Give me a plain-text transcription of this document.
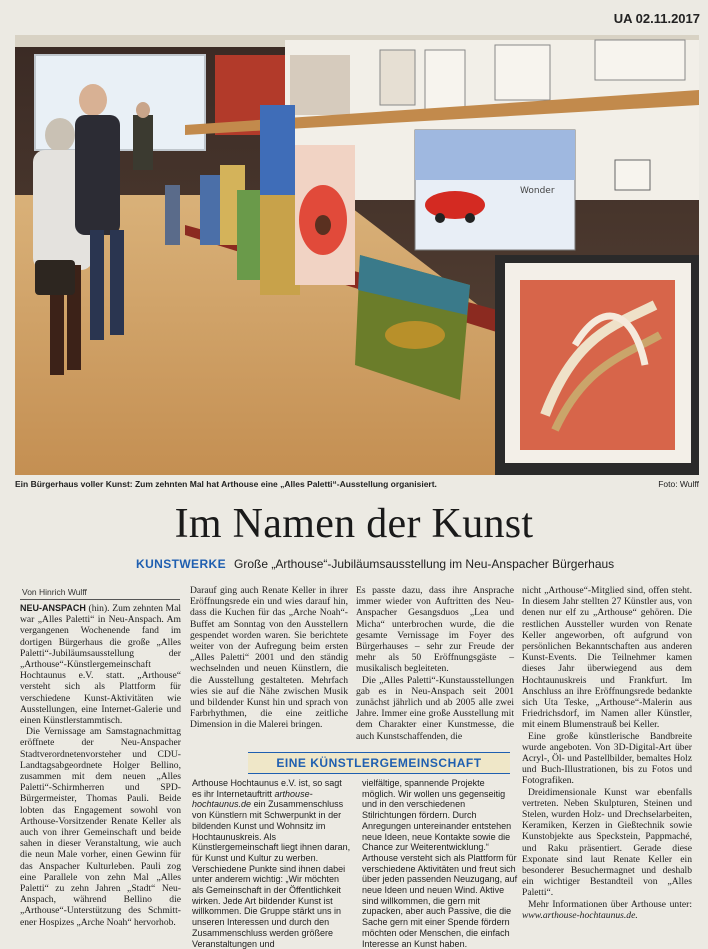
UA 02.11.2017
Wonder
Ein Bürgerhaus voller Kunst: Zum zehnten Mal hat Arthouse eine „Alles Paletti“-Ausstellung organisiert.	Foto: Wulff
Im Namen der Kunst
KUNSTWERKE Große „Arthouse“-Jubiläumsausstellung im Neu-Anspacher Bürgerhaus
Von Hinrich Wulff

NEU-ANSPACH (hin). Zum zehnten Mal war „Alles Paletti“ in Neu-Anspach. Am vergangenen Wochenende fand im dortigen Bürgerhaus die große „Alles Paletti“-Jubiläumsausstellung der „Arthouse“-Künstlergemeinschaft Hochtaunus e.V. statt. „Arthouse“ versteht sich als Plattform für verschiedene Kunst-Aktivitäten wie Ausstellungen, eine Internet-Galerie und einen Künstlerstammtisch.

Die Vernissage am Samstagnachmittag eröffnete der Neu-Anspacher Stadtverordnetenvorsteher und CDU-Landtagsabgeordnete Holger Bellino, zusammen mit dem neuen „Alles Paletti“-Schirmherren und SPD-Bürgermeister, Thomas Pauli. Beide lobten das Engagement sowohl von Arthouse-Vorsitzender Renate Keller als auch von ihrer Gemeinschaft und beide sahen in dieser Veranstaltung, wie auch die neun Male vorher, einen Gewinn für das Anspacher Kulturleben. Pauli zog eine Parallele von zehn Mal „Alles Paletti“ zu zehn Jahren „Stadt“ Neu-Anspach, während Bellino die „Arthouse“-Unterstützung des Schmittener Hospizes „Arche Noah“ hervorhob.

Darauf ging auch Renate Keller in ihrer Eröffnungsrede ein und wies darauf hin, dass die Kuchen für das „Arche Noah“-Buffet am Sonntag von den Ausstellern gespendet worden waren. Sie berichtete weiter von der Aufregung beim ersten „Alles Paletti“ 2001 und den ständig wechselnden und neuen Künstlern, die die Ausstellung gestalteten. Mehrfach wies sie auf die Nähe zwischen Musik und bildender Kunst hin und sprach von Farbrhythmen, die eine zeitliche Dimension in die Malerei bringen.

Es passte dazu, dass ihre Ansprache immer wieder von Auftritten des Neu-Anspacher Gesangsduos „Lea und Micha“ unterbrochen wurde, die die gesamte Vernissage im Foyer des Bürgerhauses – sehr zur Freude der mehr als 50 Eröffnungsgäste – musikalisch begleiteten.

Die „Alles Paletti“-Kunstausstellungen gab es in Neu-Anspach seit 2001 zunächst jährlich und ab 2005 alle zwei Jahre. Immer eine große Ausstellung mit dem Charakter einer Kunstmesse, die auch Kunstschaffenden, die

nicht „Arthouse“-Mitglied sind, offen steht. In diesem Jahr stellten 27 Künstler aus, von denen nur elf zu „Arthouse“ gehören. Die restlichen Aussteller wurden von Renate Keller angeworben, oft aufgrund von persönlichen Bekanntschaften aus anderen Kunst-Events. Die Teilnehmer kamen dieses Jahr überwiegend aus dem Hochtaunuskreis und Frankfurt. Im Anschluss an ihre Eröffnungsrede bedankte sich Uta Teske, „Arthouse“-Malerin aus Friedrichsdorf, im Namen aller Künstler, mit einem Blumenstrauß bei Keller.

Eine große künstlerische Bandbreite wurde angeboten. Von 3D-Digital-Art über Acryl-, Öl- und Pastellbilder, bemaltes Holz und Buch-Illustrationen, bis zu Fotos und Fotografiken.

Dreidimensionale Kunst war ebenfalls vertreten. Neben Skulpturen, Steinen und Stelen, wurden Holz- und Drechselarbeiten, Keramiken, Kerzen in Gießtechnik sowie Kunstobjekte aus Speckstein, Pappmaché, und Raku präsentiert. Gerade diese Exponate sind laut Renate Keller ein besonderer Besuchermagnet und deshalb ein wichtiger Bestandteil von „Alles Paletti“.

Mehr Informationen über Arthouse unter: www.arthouse-hochtaunus.de.

EINE KÜNSTLERGEMEINSCHAFT

Arthouse Hochtaunus e.V. ist, so sagt es ihr Internetauftritt arthouse-hochtaunus.de ein Zusammenschluss von Künstlern mit Schwerpunkt in der bildenden Kunst und Wohnsitz im Hochtaunuskreis. Als Künstlergemeinschaft liegt ihnen daran, für Kunst und Kultur zu werben. Verschiedene Punkte sind ihnen dabei unter anderem wichtig: „Wir möchten als Gemeinschaft in der Öffentlichkeit wirken. Jede Art bildender Kunst ist willkommen. Die Gruppe stärkt uns in unseren Interessen und durch den Zusammenschluss werden größere Veranstaltungen und

vielfältige, spannende Projekte möglich. Wir wollen uns gegenseitig und in den verschiedenen Stilrichtungen fördern. Durch Anregungen untereinander entstehen neue Ideen, neue Kontakte sowie die Chance zur Weiterentwicklung.“ Arthouse versteht sich als Plattform für verschiedene Aktivitäten und freut sich über jeden passenden Neuzugang, auf neue Ideen und neuen Wind. Aktive sind willkommen, die gern mit zupacken, aber auch Passive, die die Sache gern mit einer Spende fördern möchten oder Menschen, die einfach Interesse an Kunst haben.
